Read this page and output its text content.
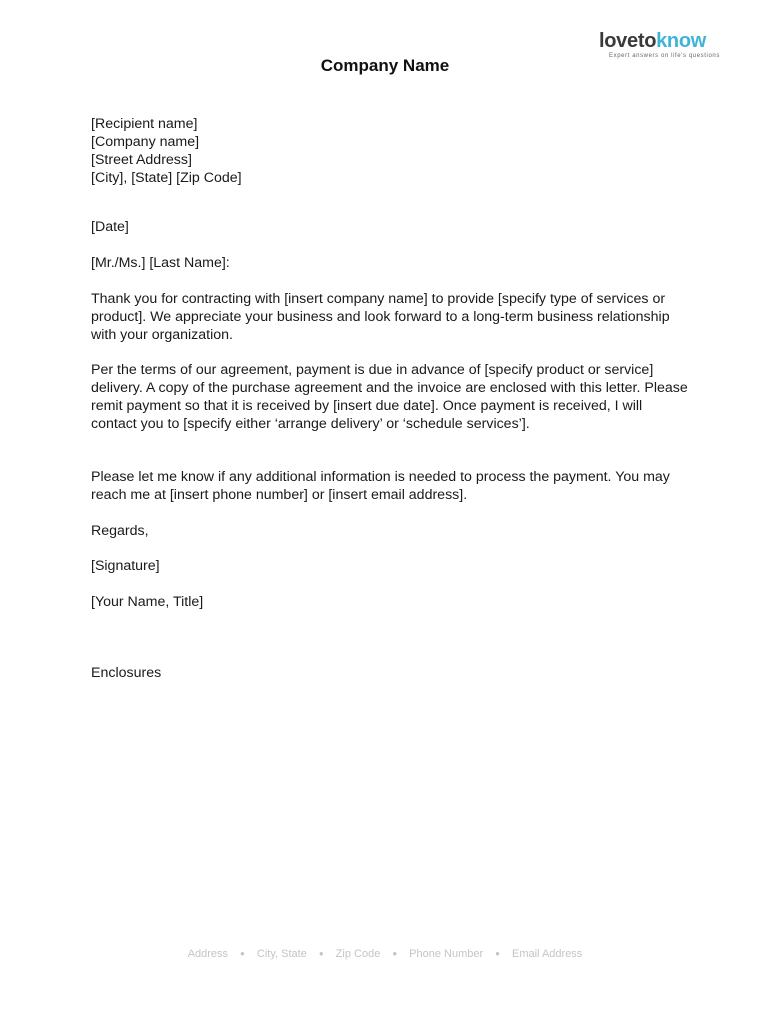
lovetoknow
Expert answers on life's questions
Company Name
[Recipient name]
[Company name]
[Street Address]
[City], [State] [Zip Code]

[Date]

[Mr./Ms.] [Last Name]:

Thank you for contracting with [insert company name] to provide [specify type of services or product]. We appreciate your business and look forward to a long-term business relationship with your organization.

Per the terms of our agreement, payment is due in advance of [specify product or service] delivery. A copy of the purchase agreement and the invoice are enclosed with this letter. Please remit payment so that it is received by [insert due date]. Once payment is received, I will contact you to [specify either ‘arrange delivery’ or ‘schedule services’].

Please let me know if any additional information is needed to process the payment. You may reach me at [insert phone number] or [insert email address].

Regards,

[Signature]

[Your Name, Title]

Enclosures

Address ● City, State ● Zip Code ● Phone Number ● Email Address
